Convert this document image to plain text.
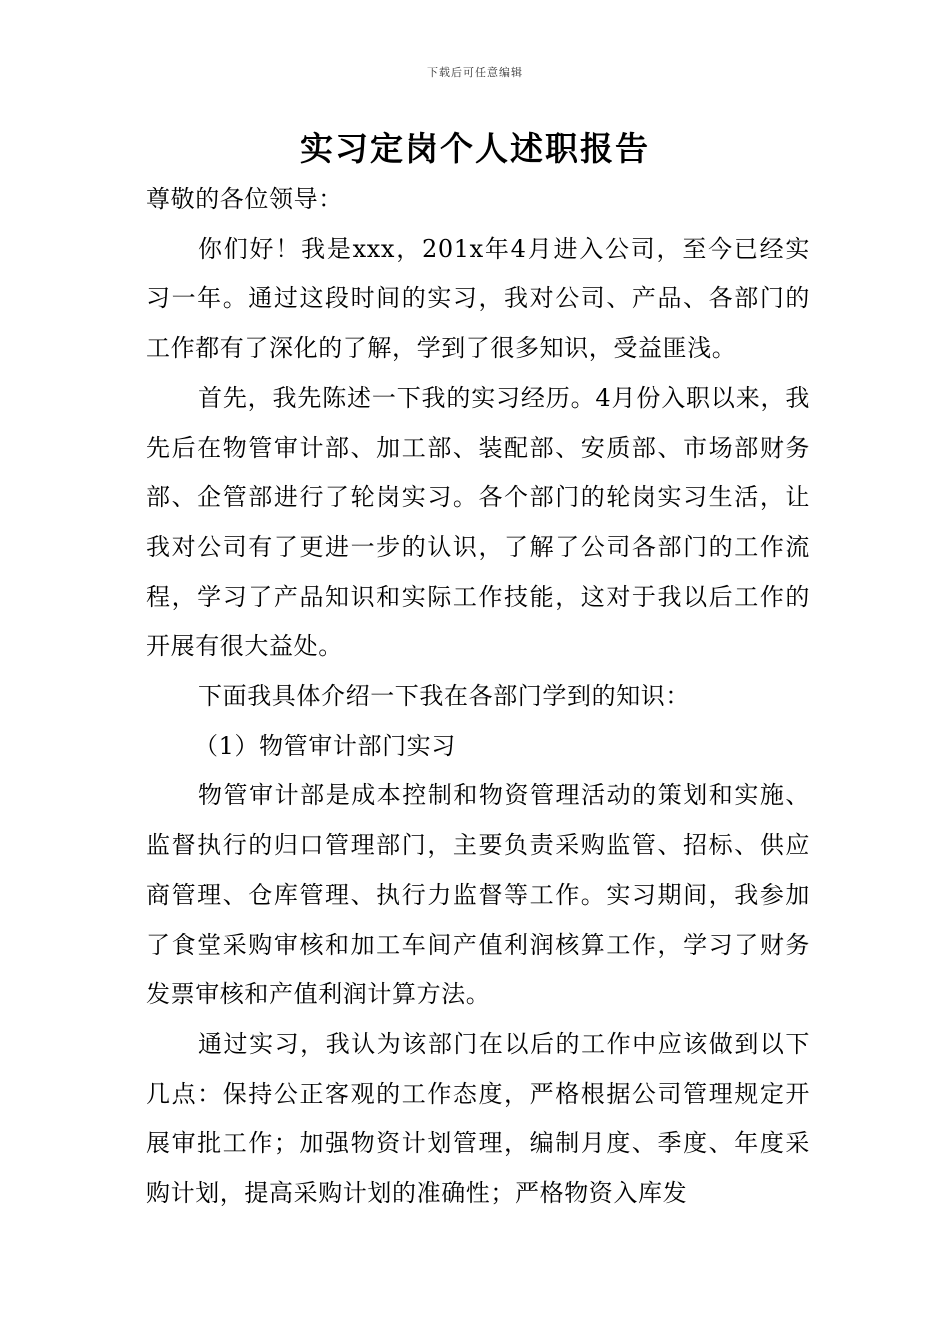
下载后可任意编辑
实习定岗个人述职报告

尊敬的各位领导：

你们好！我是xxx，201x年4月进入公司，至今已经实习一年。通过这段时间的实习，我对公司、产品、各部门的工作都有了深化的了解，学到了很多知识，受益匪浅。

首先，我先陈述一下我的实习经历。4月份入职以来，我先后在物管审计部、加工部、装配部、安质部、市场部财务部、企管部进行了轮岗实习。各个部门的轮岗实习生活，让我对公司有了更进一步的认识，了解了公司各部门的工作流程，学习了产品知识和实际工作技能，这对于我以后工作的开展有很大益处。

下面我具体介绍一下我在各部门学到的知识：

（1）物管审计部门实习

物管审计部是成本控制和物资管理活动的策划和实施、监督执行的归口管理部门，主要负责采购监管、招标、供应商管理、仓库管理、执行力监督等工作。实习期间，我参加了食堂采购审核和加工车间产值利润核算工作，学习了财务发票审核和产值利润计算方法。

通过实习，我认为该部门在以后的工作中应该做到以下几点：保持公正客观的工作态度，严格根据公司管理规定开展审批工作；加强物资计划管理，编制月度、季度、年度采购计划，提高采购计划的准确性；严格物资入库发
